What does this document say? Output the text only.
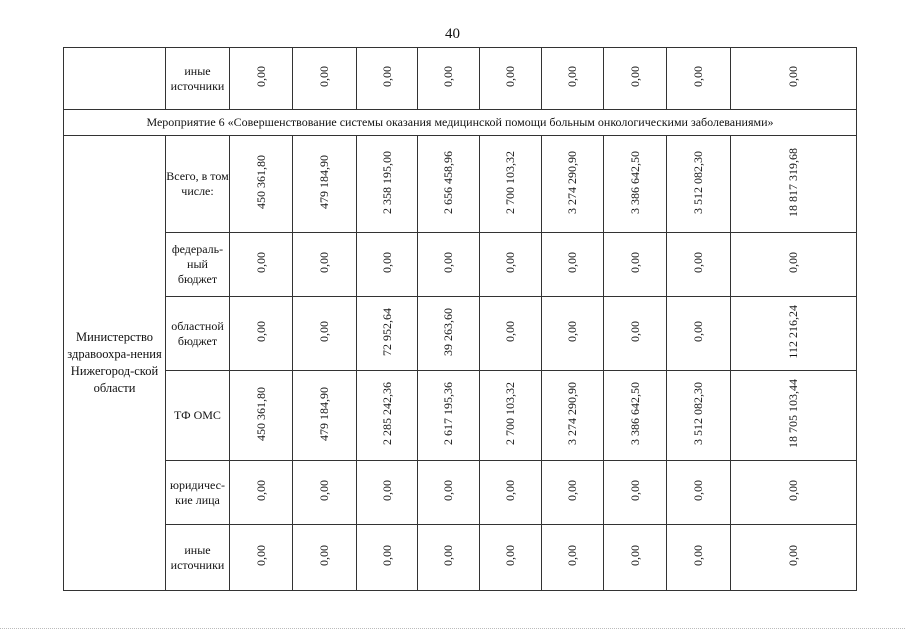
40
	иные источники	0,00	0,00	0,00	0,00	0,00	0,00	0,00	0,00	0,00
Мероприятие 6 «Совершенствование системы оказания медицинской помощи больным онкологическими заболеваниями»										
Министерство здравоохра-нения Нижегород-ской области	Всего, в том числе:	450 361,80	479 184,90	2 358 195,00	2 656 458,96	2 700 103,32	3 274 290,90	3 386 642,50	3 512 082,30	18 817 319,68
	федераль-ный бюджет	0,00	0,00	0,00	0,00	0,00	0,00	0,00	0,00	0,00
	областной бюджет	0,00	0,00	72 952,64	39 263,60	0,00	0,00	0,00	0,00	112 216,24
	ТФ ОМС	450 361,80	479 184,90	2 285 242,36	2 617 195,36	2 700 103,32	3 274 290,90	3 386 642,50	3 512 082,30	18 705 103,44
	юридичес-кие лица	0,00	0,00	0,00	0,00	0,00	0,00	0,00	0,00	0,00
	иные источники	0,00	0,00	0,00	0,00	0,00	0,00	0,00	0,00	0,00
